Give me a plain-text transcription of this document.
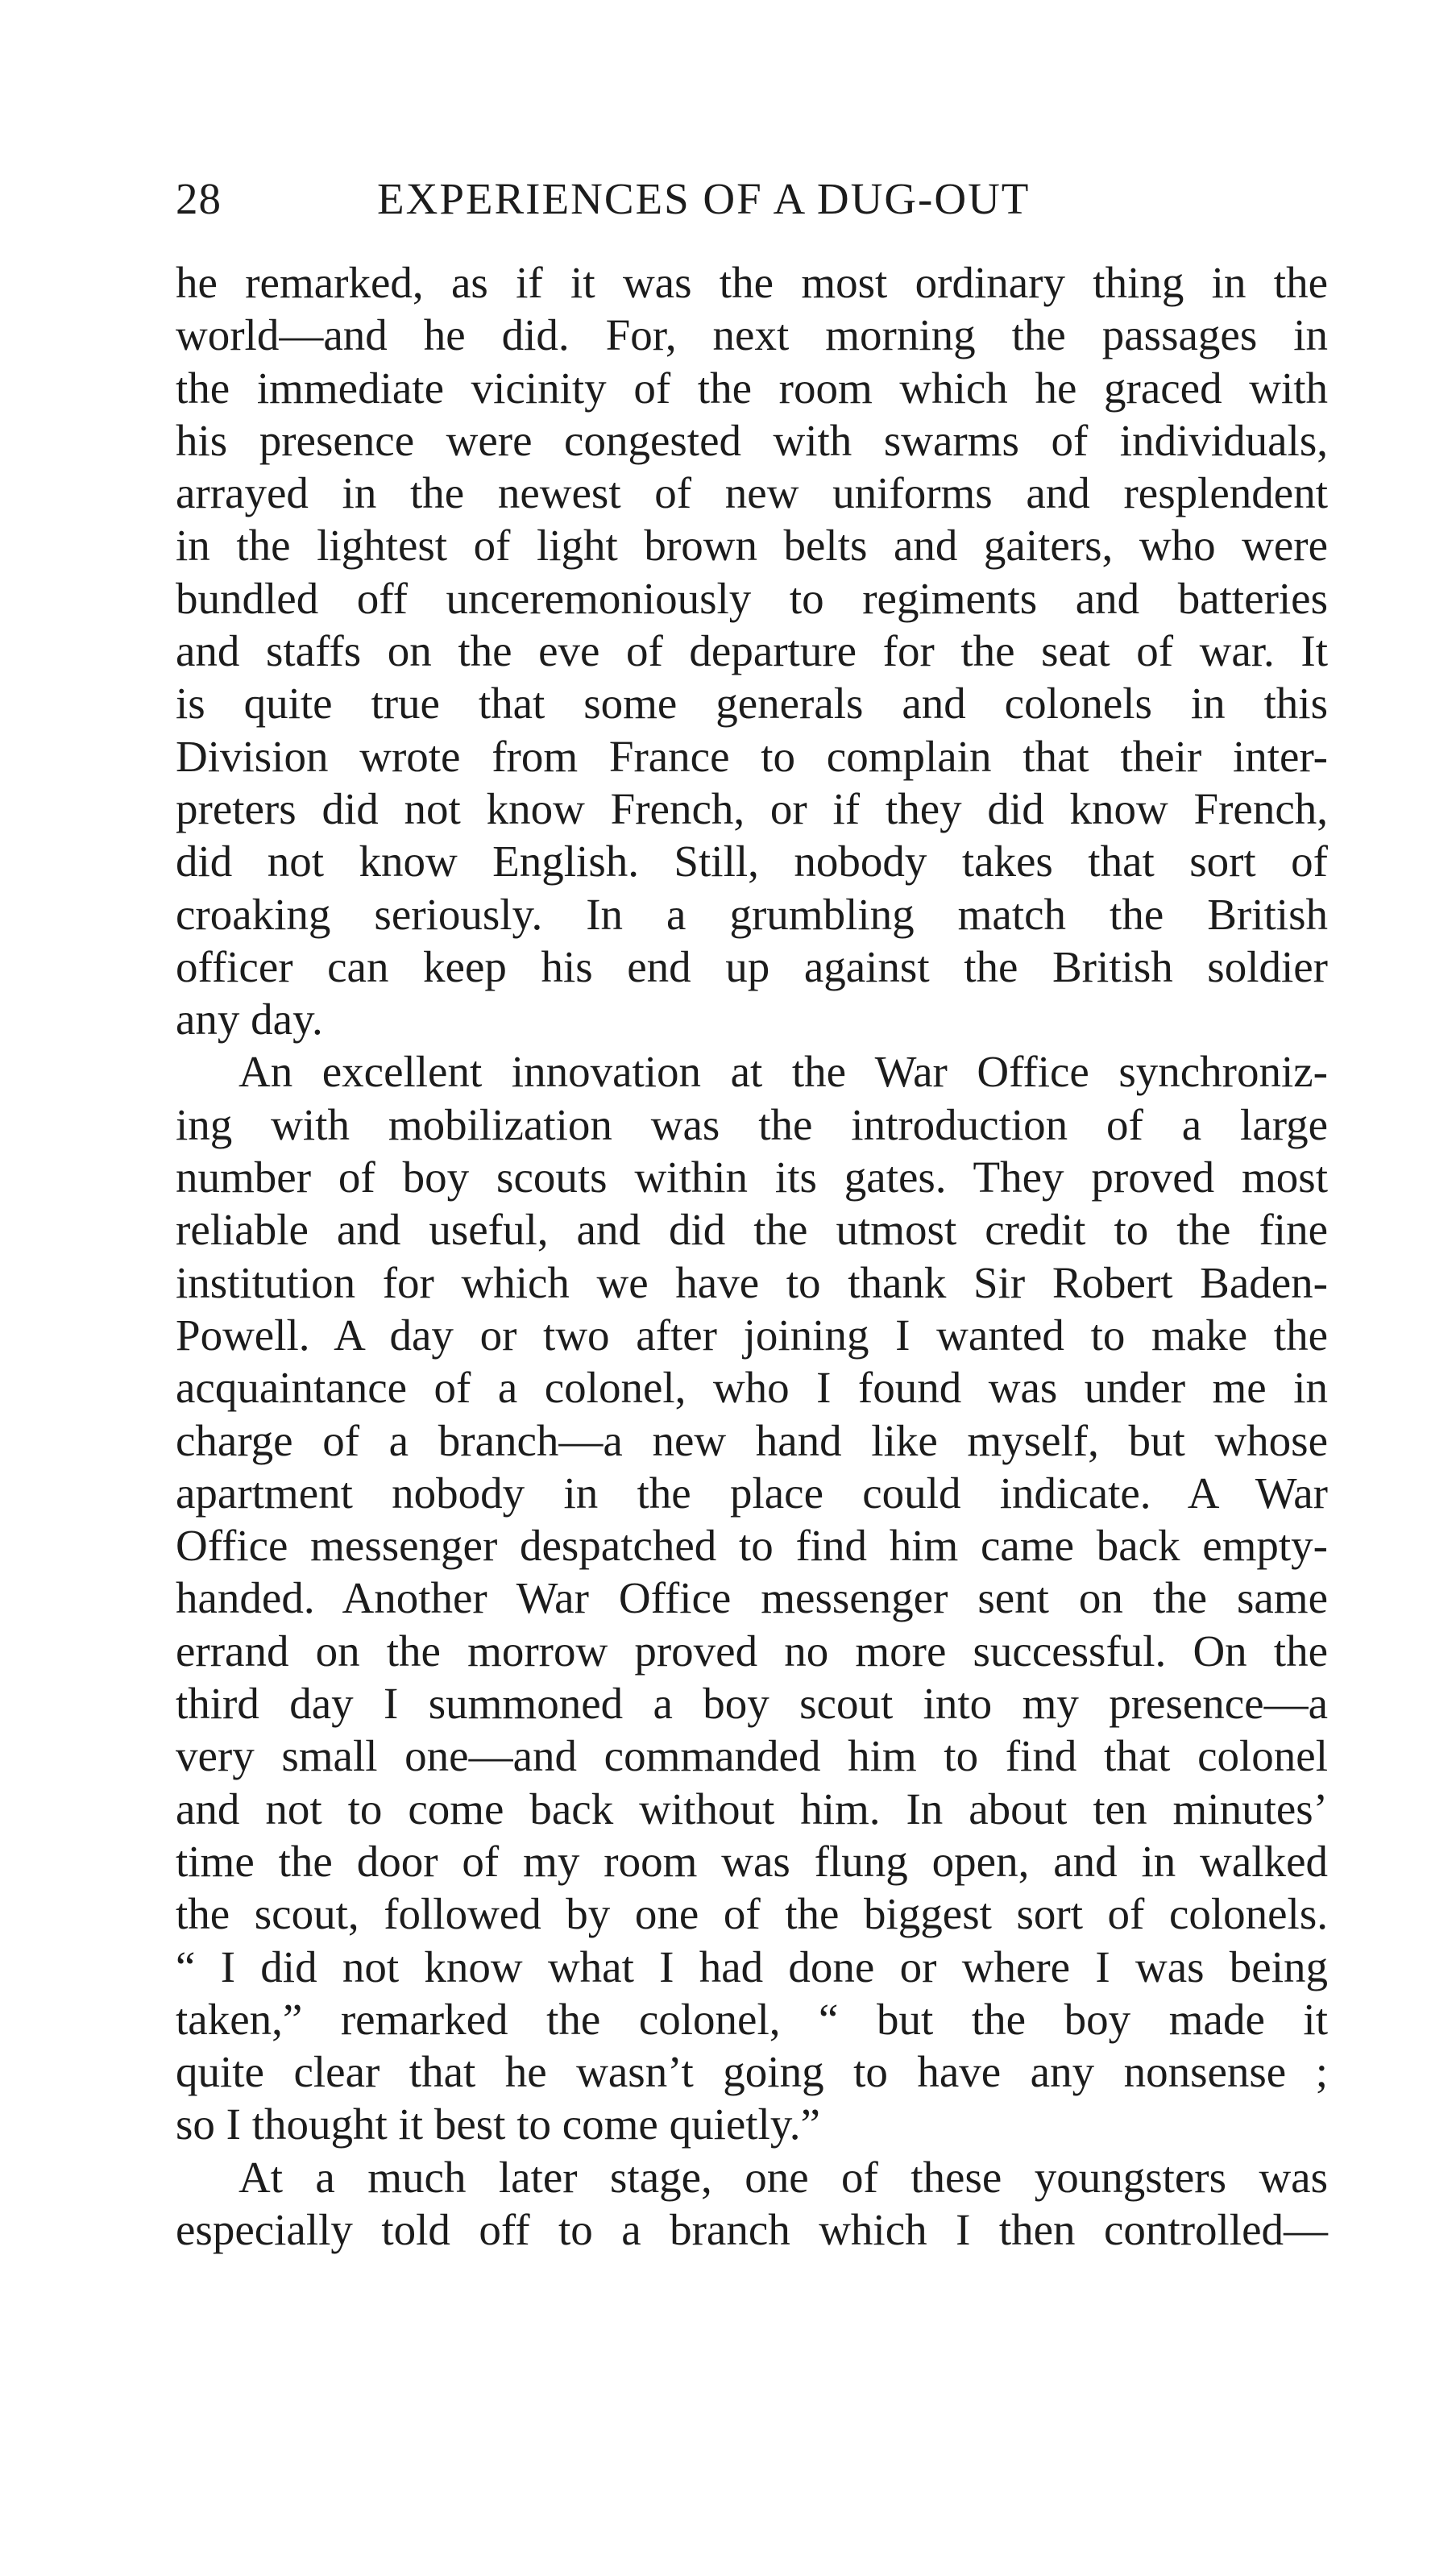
28	EXPERIENCES OF A DUG-OUT
he remarked, as if it was the most ordinary thing in the
world—and he did. For, next morning the passages in
the immediate vicinity of the room which he graced with
his presence were congested with swarms of individuals,
arrayed in the newest of new uniforms and resplendent
in the lightest of light brown belts and gaiters, who were
bundled off unceremoniously to regiments and batteries
and staffs on the eve of departure for the seat of war. It
is quite true that some generals and colonels in this
Division wrote from France to complain that their inter-
preters did not know French, or if they did know French,
did not know English. Still, nobody takes that sort of
croaking seriously. In a grumbling match the British
officer can keep his end up against the British soldier
any day.
An excellent innovation at the War Office synchroniz-
ing with mobilization was the introduction of a large
number of boy scouts within its gates. They proved most
reliable and useful, and did the utmost credit to the fine
institution for which we have to thank Sir Robert Baden-
Powell. A day or two after joining I wanted to make the
acquaintance of a colonel, who I found was under me in
charge of a branch—a new hand like myself, but whose
apartment nobody in the place could indicate. A War
Office messenger despatched to find him came back empty-
handed. Another War Office messenger sent on the same
errand on the morrow proved no more successful. On the
third day I summoned a boy scout into my presence—a
very small one—and commanded him to find that colonel
and not to come back without him. In about ten minutes’
time the door of my room was flung open, and in walked
the scout, followed by one of the biggest sort of colonels.
“ I did not know what I had done or where I was being
taken,” remarked the colonel, “ but the boy made it
quite clear that he wasn’t going to have any nonsense ;
so I thought it best to come quietly.”
At a much later stage, one of these youngsters was
especially told off to a branch which I then controlled—
